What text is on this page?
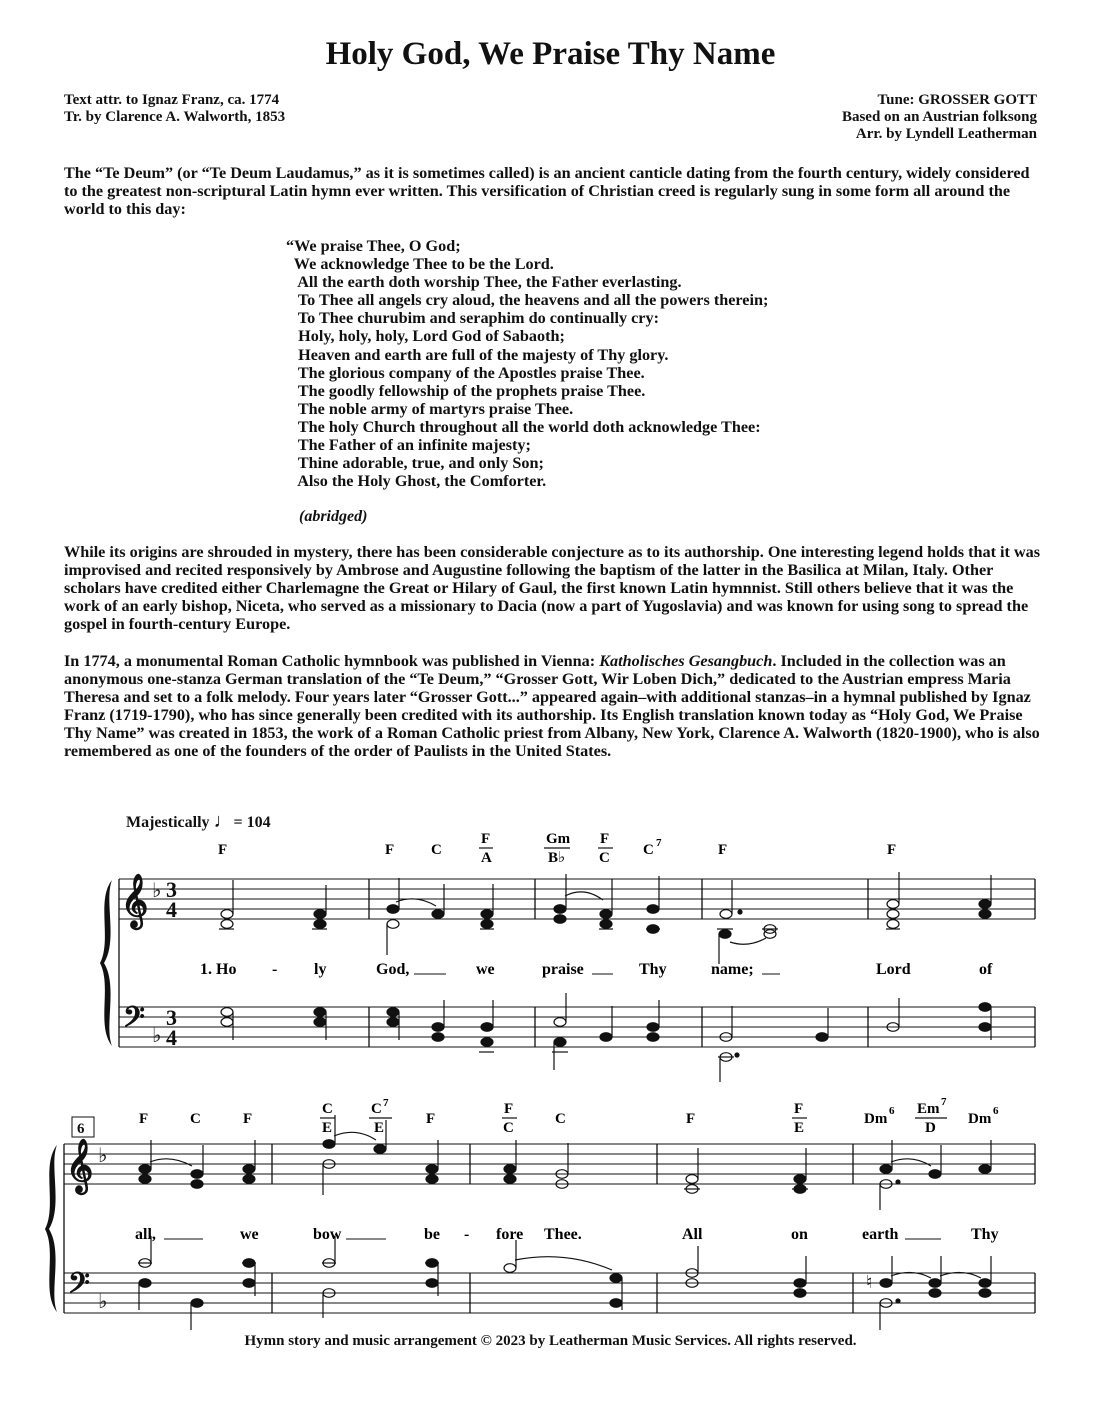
Holy God, We Praise Thy Name
Text attr. to Ignaz Franz, ca. 1774
Tr. by Clarence A. Walworth, 1853
Tune: GROSSER GOTT
Based on an Austrian folksong
Arr. by Lyndell Leatherman

The “Te Deum” (or “Te Deum Laudamus,” as it is sometimes called) is an ancient canticle dating from the fourth century, widely considered to the greatest non-scriptural Latin hymn ever written. This versification of Christian creed is regularly sung in some form all around the world to this day:

“We praise Thee, O God;
We acknowledge Thee to be the Lord.
All the earth doth worship Thee, the Father everlasting.
To Thee all angels cry aloud, the heavens and all the powers therein;
To Thee churubim and seraphim do continually cry:
Holy, holy, holy, Lord God of Sabaoth;
Heaven and earth are full of the majesty of Thy glory.
The glorious company of the Apostles praise Thee.
The goodly fellowship of the prophets praise Thee.
The noble army of martyrs praise Thee.
The holy Church throughout all the world doth acknowledge Thee:
The Father of an infinite majesty;
Thine adorable, true, and only Son;
Also the Holy Ghost, the Comforter.
(abridged)

While its origins are shrouded in mystery, there has been considerable conjecture as to its authorship. One interesting legend holds that it was improvised and recited responsively by Ambrose and Augustine following the baptism of the latter in the Basilica at Milan, Italy. Other scholars have credited either Charlemagne the Great or Hilary of Gaul, the first known Latin hymnnist. Still others believe that it was the work of an early bishop, Niceta, who served as a missionary to Dacia (now a part of Yugoslavia) and was known for using song to spread the gospel in fourth-century Europe.

In 1774, a monumental Roman Catholic hymnbook was published in Vienna: Katholisches Gesangbuch. Included in the collection was an anonymous one-stanza German translation of the “Te Deum,” “Grosser Gott, Wir Loben Dich,” dedicated to the Austrian empress Maria Theresa and set to a folk melody. Four years later “Grosser Gott...” appeared again–with additional stanzas–in a hymnal published by Ignaz Franz (1719-1790), who has since generally been credited with its authorship. Its English translation known today as “Holy God, We Praise Thy Name” was created in 1853, the work of a Roman Catholic priest from Albany, New York, Clarence A. Walworth (1820-1900), who is also remembered as one of the founders of the order of Paulists in the United States.

Majestically ♩= 104
𝄞
𝄢
♭
♭
3
4
3
4
6
𝄞
𝄢
♭
♭
♮
F	F C
F
A
Gm
B♭
F
C C 7	F	F
1. Ho - ly	God,	we	praise	Thy	name;	Lord	of
F	C	F
C
E
C 7
E
F
F
C
C	F
F
E
Dm 6 Em 7
D
Dm 6
all,	we	bow	be - fore Thee.	All	on	earth	Thy
Hymn story and music arrangement © 2023 by Leatherman Music Services. All rights reserved.
